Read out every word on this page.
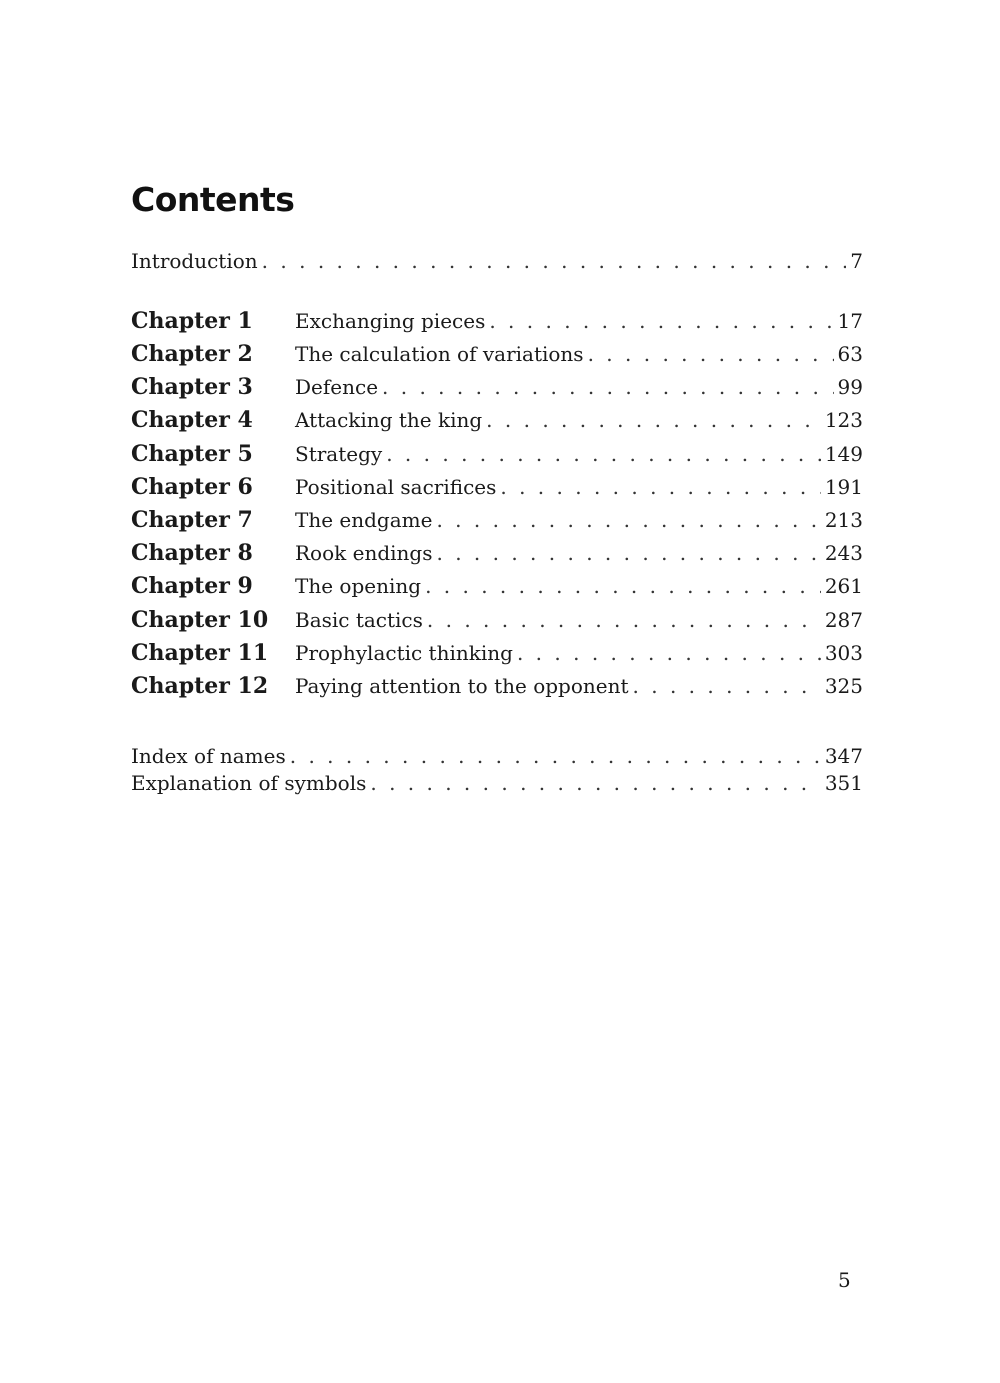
Contents
Introduction . . .	7
Chapter 1	Exchanging pieces . . .	17
Chapter 2	The calculation of variations . . .	63
Chapter 3	Defence . . .	99
Chapter 4	Attacking the king . . .	123
Chapter 5	Strategy . . .	149
Chapter 6	Positional sacrifices . . .	191
Chapter 7	The endgame . . .	213
Chapter 8	Rook endings . . .	243
Chapter 9	The opening . . .	261
Chapter 10	Basic tactics . . .	287
Chapter 11	Prophylactic thinking . . .	303
Chapter 12	Paying attention to the opponent . . .	325
Index of names . . .	347
Explanation of symbols . . .	351
5
